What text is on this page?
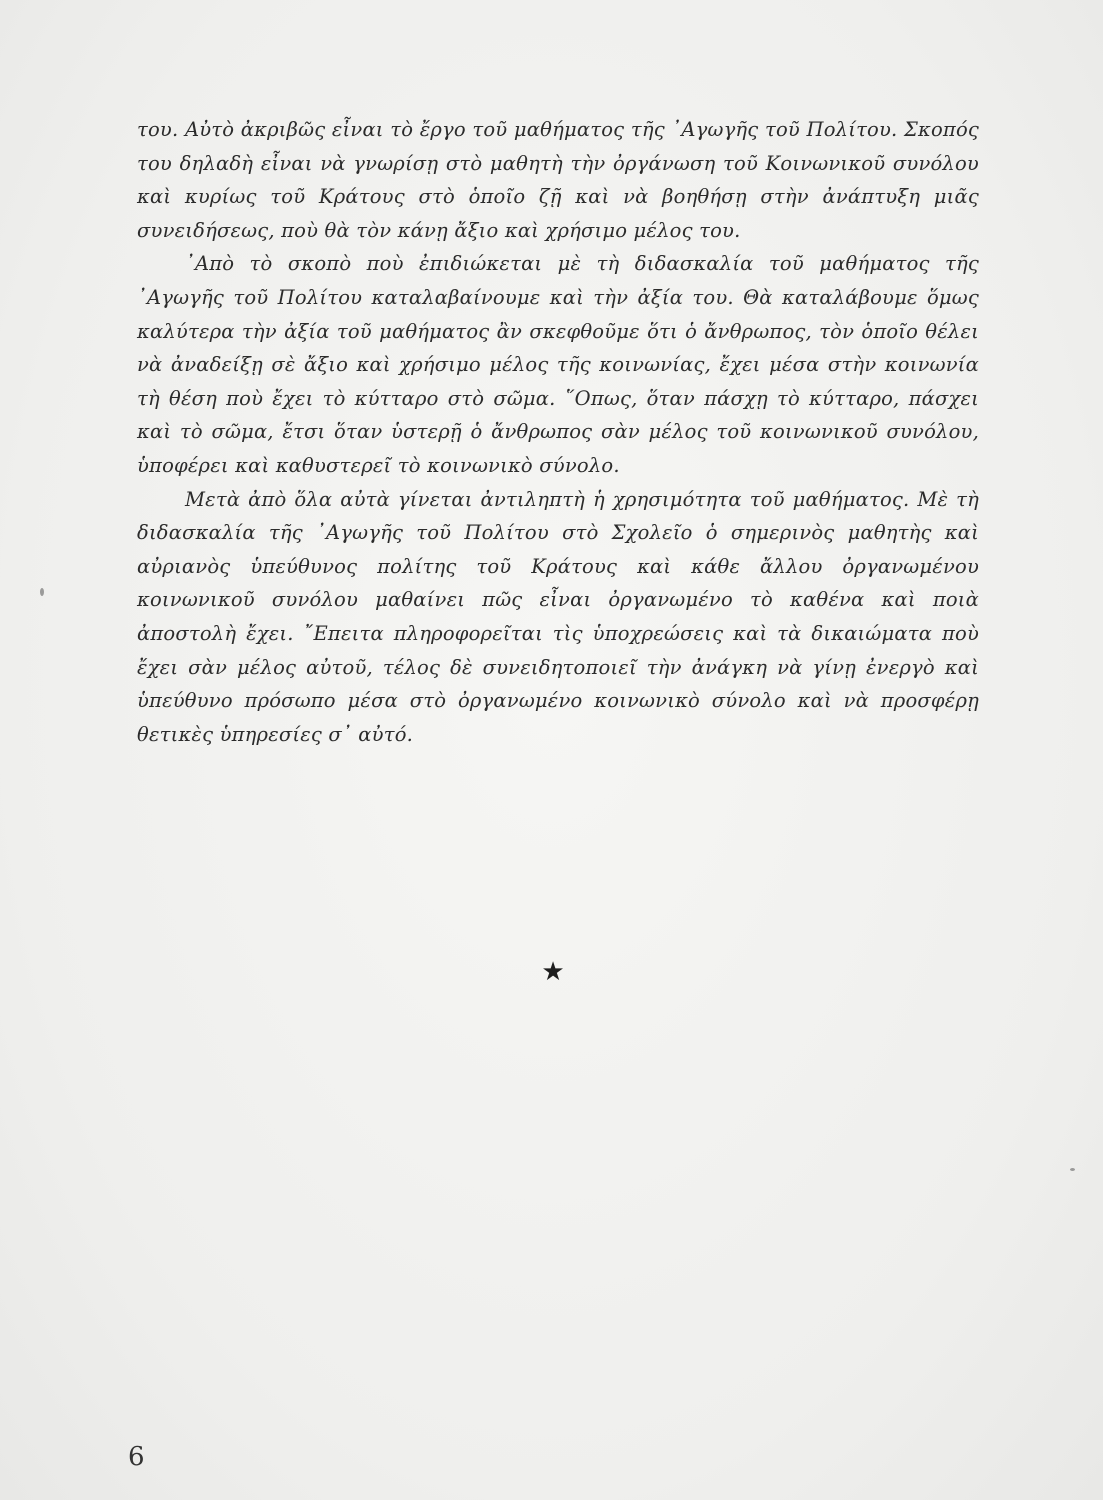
του. Αὐτὸ ἀκριβῶς εἶναι τὸ ἔργο τοῦ μαθήματος τῆς ᾿Αγωγῆς τοῦ Πολίτου. Σκοπός του δηλαδὴ εἶναι νὰ γνωρίσῃ στὸ μαθητὴ τὴν ὀργάνωση τοῦ Κοινωνικοῦ συνόλου καὶ κυρίως τοῦ Κράτους στὸ ὁποῖο ζῇ καὶ νὰ βοηθήσῃ στὴν ἀνάπτυξη μιᾶς συνειδήσεως, ποὺ θὰ τὸν κάνῃ ἄξιο καὶ χρήσιμο μέλος του.

᾿Απὸ τὸ σκοπὸ ποὺ ἐπιδιώκεται μὲ τὴ διδασκαλία τοῦ μαθήματος τῆς ᾿Αγωγῆς τοῦ Πολίτου καταλαβαίνουμε καὶ τὴν ἀξία του. Θὰ καταλάβουμε ὅμως καλύτερα τὴν ἀξία τοῦ μαθήματος ἂν σκεφθοῦμε ὅτι ὁ ἄνθρωπος, τὸν ὁποῖο θέλει νὰ ἀναδείξῃ σὲ ἄξιο καὶ χρήσιμο μέλος τῆς κοινωνίας, ἔχει μέσα στὴν κοινωνία τὴ θέση ποὺ ἔχει τὸ κύτταρο στὸ σῶμα. ῞Οπως, ὅταν πάσχῃ τὸ κύτταρο, πάσχει καὶ τὸ σῶμα, ἔτσι ὅταν ὑστερῇ ὁ ἄνθρωπος σὰν μέλος τοῦ κοινωνικοῦ συνόλου, ὑποφέρει καὶ καθυστερεῖ τὸ κοινωνικὸ σύνολο.

Μετὰ ἀπὸ ὅλα αὐτὰ γίνεται ἀντιληπτὴ ἡ χρησιμότητα τοῦ μαθήματος. Μὲ τὴ διδασκαλία τῆς ᾿Αγωγῆς τοῦ Πολίτου στὸ Σχολεῖο ὁ σημερινὸς μαθητὴς καὶ αὐριανὸς ὑπεύθυνος πολίτης τοῦ Κράτους καὶ κάθε ἄλλου ὀργανωμένου κοινωνικοῦ συνόλου μαθαίνει πῶς εἶναι ὀργανωμένο τὸ καθένα καὶ ποιὰ ἀποστολὴ ἔχει. ῎Επειτα πληροφορεῖται τὶς ὑποχρεώσεις καὶ τὰ δικαιώματα ποὺ ἔχει σὰν μέλος αὐτοῦ, τέλος δὲ συνειδητοποιεῖ τὴν ἀνάγκη νὰ γίνῃ ἐνεργὸ καὶ ὑπεύθυνο πρόσωπο μέσα στὸ ὀργανωμένο κοινωνικὸ σύνολο καὶ νὰ προσφέρῃ θετικὲς ὑπηρεσίες σ᾿ αὐτό.

★
6
